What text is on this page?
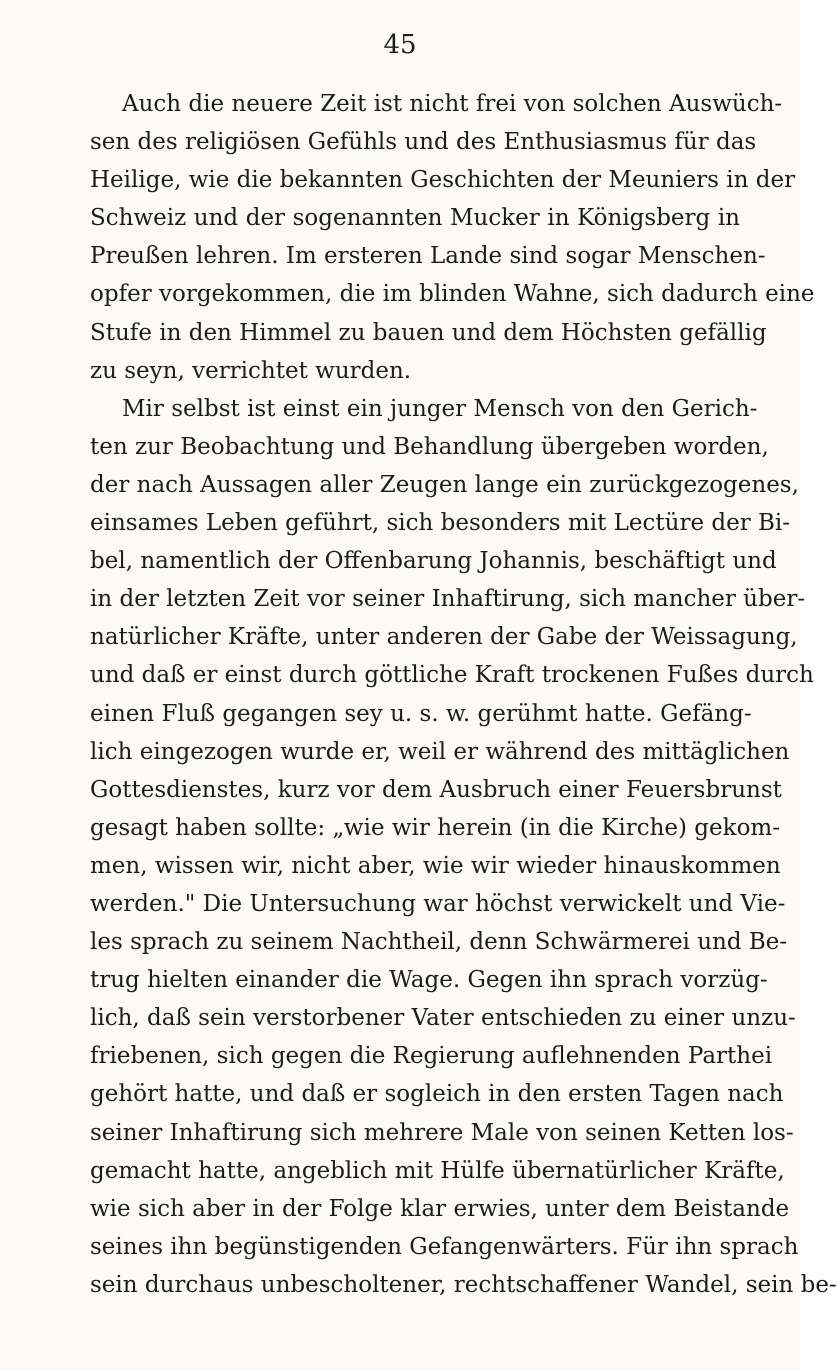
45
Auch die neuere Zeit ist nicht frei von solchen Auswüch-
sen des religiösen Gefühls und des Enthusiasmus für das
Heilige, wie die bekannten Geschichten der Meuniers in der
Schweiz und der sogenannten Mucker in Königsberg in
Preußen lehren. Im ersteren Lande sind sogar Menschen-
opfer vorgekommen, die im blinden Wahne, sich dadurch eine
Stufe in den Himmel zu bauen und dem Höchsten gefällig
zu seyn, verrichtet wurden.
Mir selbst ist einst ein junger Mensch von den Gerich-
ten zur Beobachtung und Behandlung übergeben worden,
der nach Aussagen aller Zeugen lange ein zurückgezogenes,
einsames Leben geführt, sich besonders mit Lectüre der Bi-
bel, namentlich der Offenbarung Johannis, beschäftigt und
in der letzten Zeit vor seiner Inhaftirung, sich mancher über-
natürlicher Kräfte, unter anderen der Gabe der Weissagung,
und daß er einst durch göttliche Kraft trockenen Fußes durch
einen Fluß gegangen sey u. s. w. gerühmt hatte. Gefäng-
lich eingezogen wurde er, weil er während des mittäglichen
Gottesdienstes, kurz vor dem Ausbruch einer Feuersbrunst
gesagt haben sollte: „wie wir herein (in die Kirche) gekom-
men, wissen wir, nicht aber, wie wir wieder hinauskommen
werden." Die Untersuchung war höchst verwickelt und Vie-
les sprach zu seinem Nachtheil, denn Schwärmerei und Be-
trug hielten einander die Wage. Gegen ihn sprach vorzüg-
lich, daß sein verstorbener Vater entschieden zu einer unzu-
friebenen, sich gegen die Regierung auflehnenden Parthei
gehört hatte, und daß er sogleich in den ersten Tagen nach
seiner Inhaftirung sich mehrere Male von seinen Ketten los-
gemacht hatte, angeblich mit Hülfe übernatürlicher Kräfte,
wie sich aber in der Folge klar erwies, unter dem Beistande
seines ihn begünstigenden Gefangenwärters. Für ihn sprach
sein durchaus unbescholtener, rechtschaffener Wandel, sein be-
